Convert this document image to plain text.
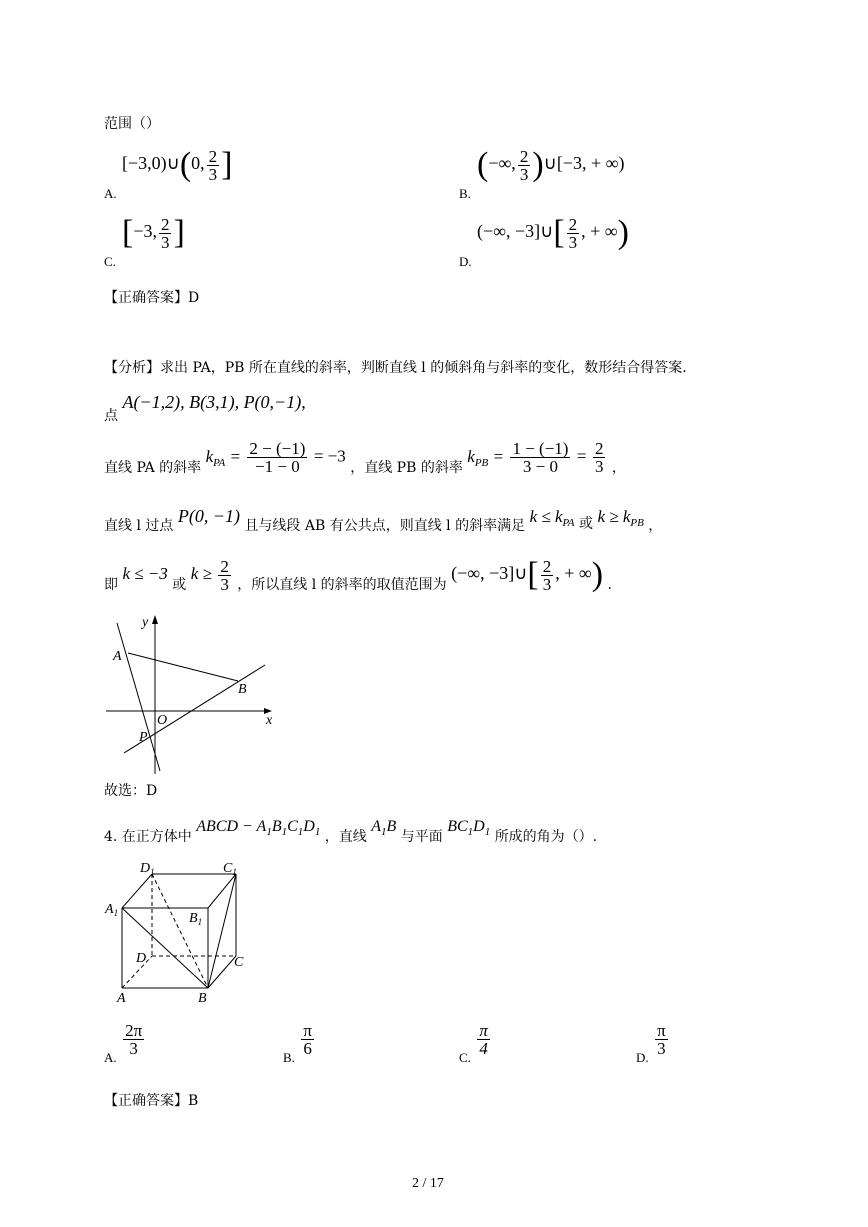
范围（）
A.
[−3,0)∪(0, $\frac{2}{3}$ ]
B.
(−∞, $\frac{2}{3}$ )∪[−3, + ∞)
C.
[−3, $\frac{2}{3}$ ]
D.
(−∞, −3]∪[ $\frac{2}{3}$ , + ∞)
【正确答案】D
【分析】求出 PA，PB 所在直线的斜率，判断直线 l 的倾斜角与斜率的变化，数形结合得答案.
点 A(−1,2), B(3,1), P(0,−1),
直线 PA 的斜率 $k_{PA} = \frac{2 - (-1)}{-1 - 0} = -3$ ，直线 PB 的斜率 $k_{PB} = \frac{1 - (-1)}{3 - 0} = \frac{2}{3}$ ，
直线 l 过点 P(0, −1) 且与线段 AB 有公共点，则直线 l 的斜率满足 $k \le k_{PA}$ 或 $k \ge k_{PB}$ ，
即 k ≤ −3 或 $k \ge \frac{2}{3}$ ，所以直线 l 的斜率的取值范围为 (−∞, −3]∪[ $\frac{2}{3}$ , + ∞) .
y
x
A
B
O
P
故选：D
4. 在正方体中 ABCD − $A_1B_1C_1D_1$ ，直线 $A_1B$ 与平面 $BC_1D_1$ 所成的角为（）.
$D_1$	$C_1$
$A_1$	$B_1$
D	C
A	B
A. $\frac{2\pi}{3}$	B. $\frac{\pi}{6}$	C. $\frac{\pi}{4}$	D. $\frac{\pi}{3}$
【正确答案】B
2 / 17
